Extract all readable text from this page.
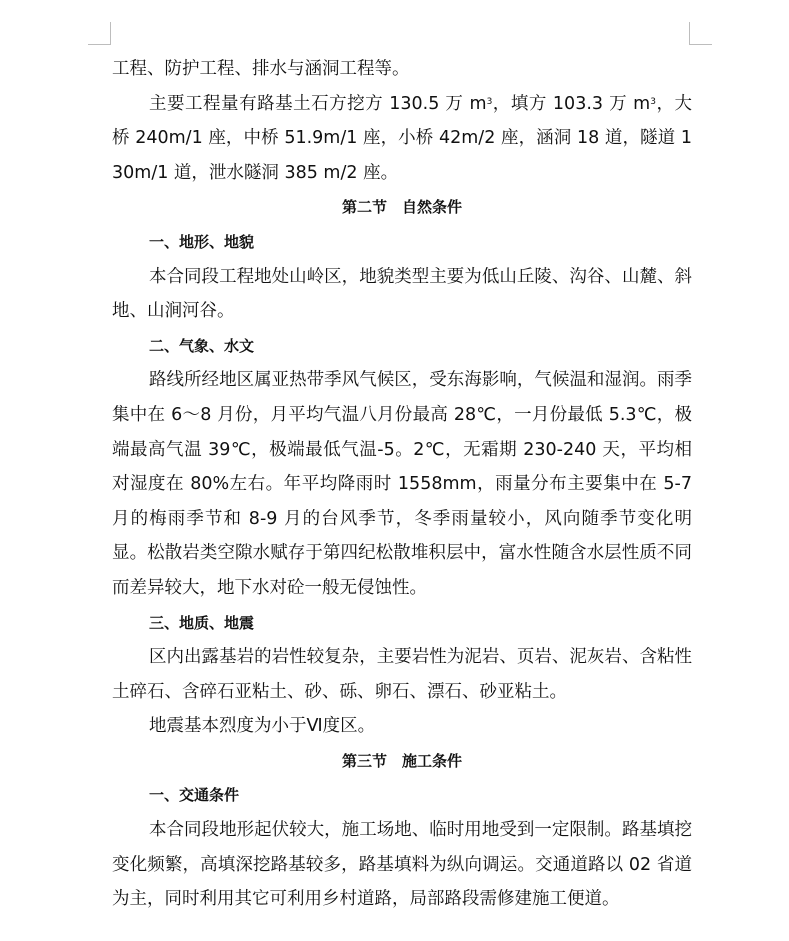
工程、防护工程、排水与涵洞工程等。

主要工程量有路基土石方挖方 130.5 万 $m^3$，填方 103.3 万 $m^3$，大桥 240m/1 座，中桥 51.9m/1 座，小桥 42m/2 座，涵洞 18 道，隧道 130m/1 道，泄水隧洞 385 m/2 座。

第二节　自然条件

一、地形、地貌

本合同段工程地处山岭区，地貌类型主要为低山丘陵、沟谷、山麓、斜地、山涧河谷。

二、气象、水文

路线所经地区属亚热带季风气候区，受东海影响，气候温和湿润。雨季集中在 6～8 月份，月平均气温八月份最高 28℃，一月份最低 5.3℃，极端最高气温 39℃，极端最低气温-5。2℃，无霜期 230-240 天，平均相对湿度在 80%左右。年平均降雨时 1558mm，雨量分布主要集中在 5-7 月的梅雨季节和 8-9 月的台风季节，冬季雨量较小，风向随季节变化明显。松散岩类空隙水赋存于第四纪松散堆积层中，富水性随含水层性质不同而差异较大，地下水对砼一般无侵蚀性。

三、地质、地震

区内出露基岩的岩性较复杂，主要岩性为泥岩、页岩、泥灰岩、含粘性土碎石、含碎石亚粘土、砂、砾、卵石、漂石、砂亚粘土。

地震基本烈度为小于Ⅵ度区。

第三节　施工条件

一、交通条件

本合同段地形起伏较大，施工场地、临时用地受到一定限制。路基填挖变化频繁，高填深挖路基较多，路基填料为纵向调运。交通道路以 02 省道为主，同时利用其它可利用乡村道路，局部路段需修建施工便道。
